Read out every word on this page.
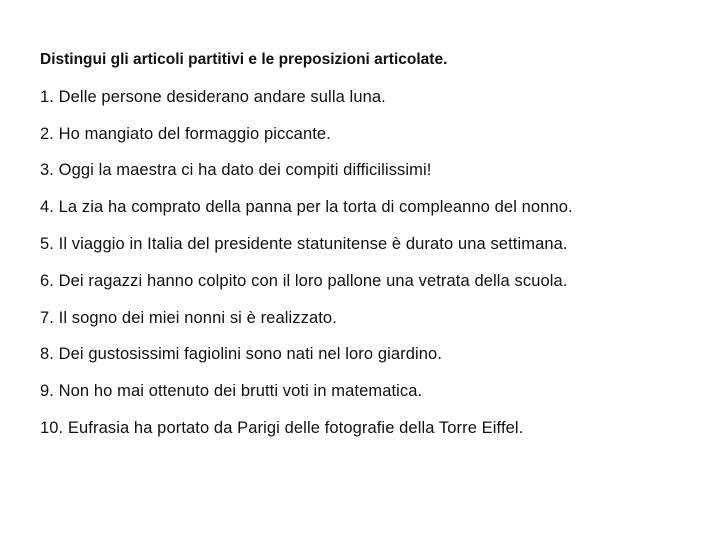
Distingui gli articoli partitivi e le preposizioni articolate.

1. Delle persone desiderano andare sulla luna.
2. Ho mangiato del formaggio piccante.
3. Oggi la maestra ci ha dato dei compiti difficilissimi!
4. La zia ha comprato della panna per la torta di compleanno del nonno.
5. Il viaggio in Italia del presidente statunitense è durato una settimana.
6. Dei ragazzi hanno colpito con il loro pallone una vetrata della scuola.
7. Il sogno dei miei nonni si è realizzato.
8. Dei gustosissimi fagiolini sono nati nel loro giardino.
9. Non ho mai ottenuto dei brutti voti in matematica.
10. Eufrasia ha portato da Parigi delle fotografie della Torre Eiffel.
